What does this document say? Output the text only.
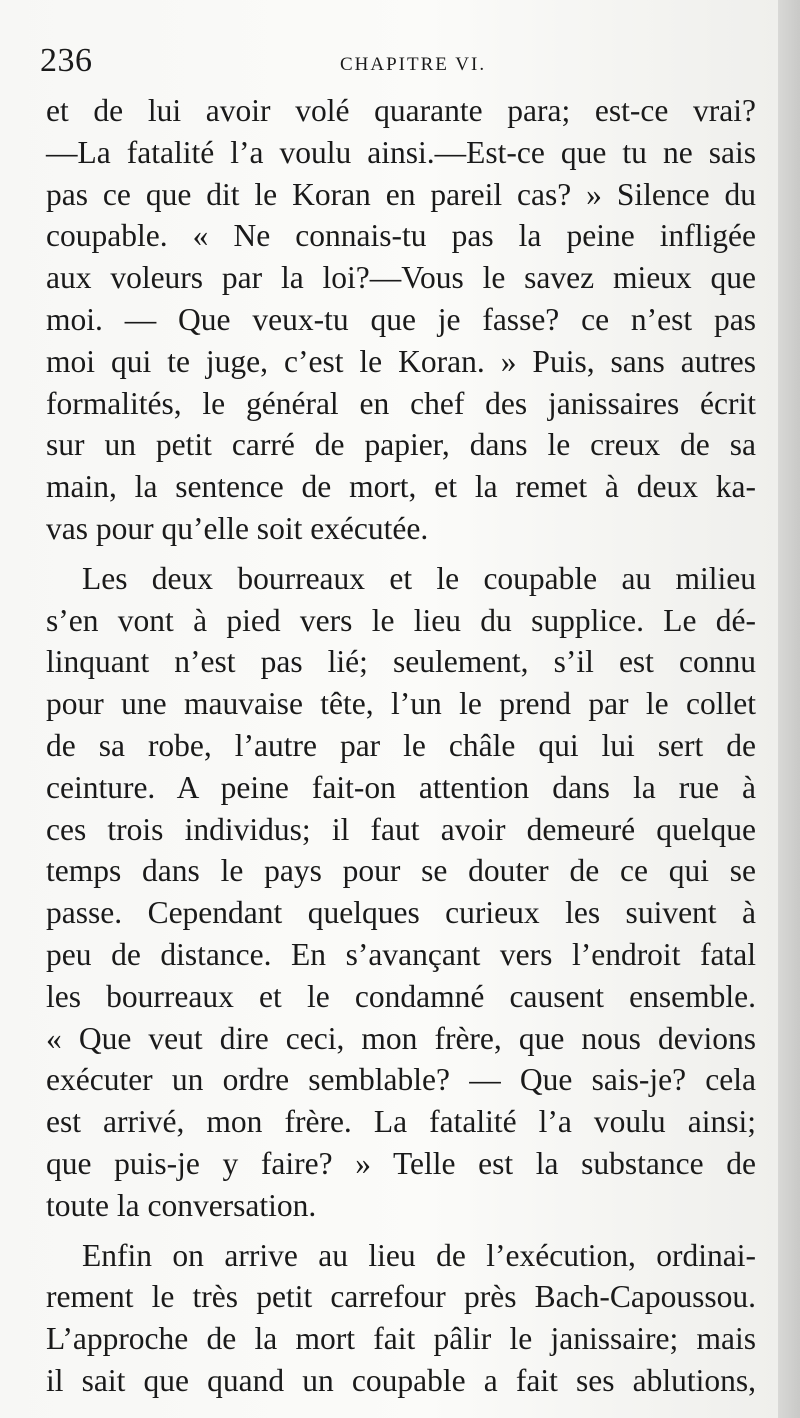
236	CHAPITRE VI.

et de lui avoir volé quarante para; est-ce vrai?
—La fatalité l’a voulu ainsi.—Est-ce que tu ne sais
pas ce que dit le Koran en pareil cas? » Silence du
coupable. « Ne connais-tu pas la peine infligée
aux voleurs par la loi?—Vous le savez mieux que
moi. — Que veux-tu que je fasse? ce n’est pas
moi qui te juge, c’est le Koran. » Puis, sans autres
formalités, le général en chef des janissaires écrit
sur un petit carré de papier, dans le creux de sa
main, la sentence de mort, et la remet à deux ka-
vas pour qu’elle soit exécutée.

Les deux bourreaux et le coupable au milieu
s’en vont à pied vers le lieu du supplice. Le dé-
linquant n’est pas lié; seulement, s’il est connu
pour une mauvaise tête, l’un le prend par le collet
de sa robe, l’autre par le châle qui lui sert de
ceinture. A peine fait-on attention dans la rue à
ces trois individus; il faut avoir demeuré quelque
temps dans le pays pour se douter de ce qui se
passe. Cependant quelques curieux les suivent à
peu de distance. En s’avançant vers l’endroit fatal
les bourreaux et le condamné causent ensemble.
« Que veut dire ceci, mon frère, que nous devions
exécuter un ordre semblable? — Que sais-je? cela
est arrivé, mon frère. La fatalité l’a voulu ainsi;
que puis-je y faire? » Telle est la substance de
toute la conversation.

Enfin on arrive au lieu de l’exécution, ordinai-
rement le très petit carrefour près Bach-Capoussou.
L’approche de la mort fait pâlir le janissaire; mais
il sait que quand un coupable a fait ses ablutions,
